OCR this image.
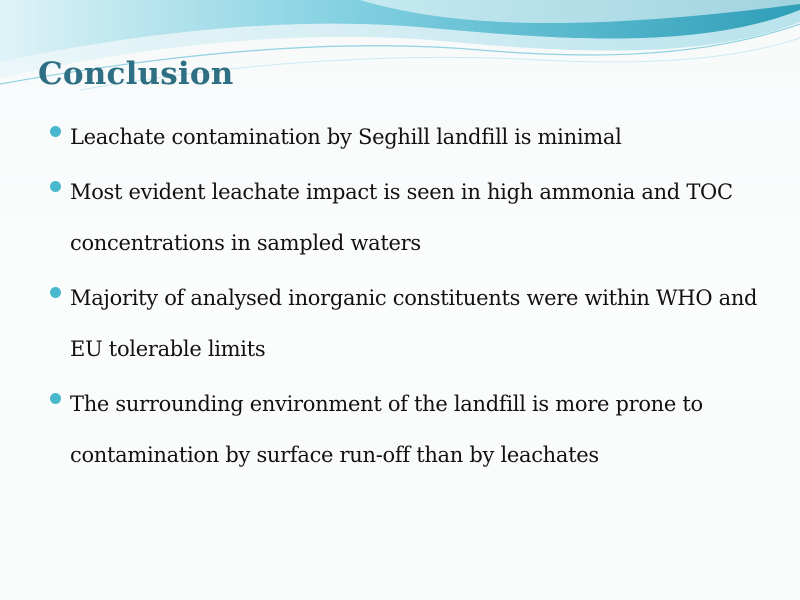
Conclusion
Leachate contamination by Seghill landfill is minimal
Most evident leachate impact is seen in high ammonia and TOC concentrations in sampled waters
Majority of analysed inorganic constituents were within WHO and EU tolerable limits
The surrounding environment of the landfill is more prone to contamination by surface run-off than by leachates
